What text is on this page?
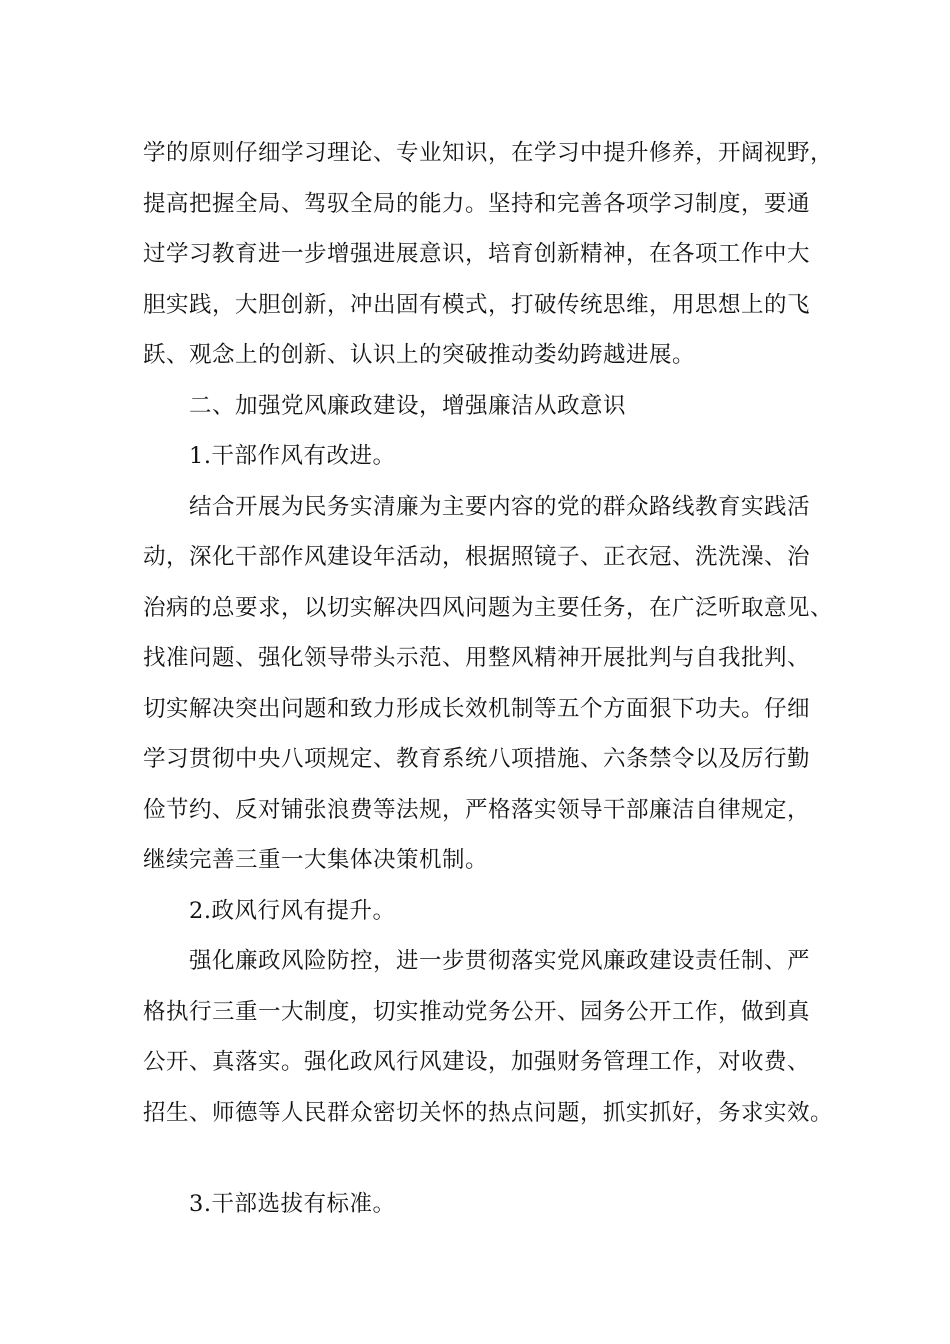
学的原则仔细学习理论、专业知识，在学习中提升修养，开阔视野，
提高把握全局、驾驭全局的能力。坚持和完善各项学习制度，要通
过学习教育进一步增强进展意识，培育创新精神，在各项工作中大
胆实践，大胆创新，冲出固有模式，打破传统思维，用思想上的飞
跃、观念上的创新、认识上的突破推动娄幼跨越进展。
二、加强党风廉政建设，增强廉洁从政意识
1.干部作风有改进。
结合开展为民务实清廉为主要内容的党的群众路线教育实践活
动，深化干部作风建设年活动，根据照镜子、正衣冠、洗洗澡、治
治病的总要求，以切实解决四风问题为主要任务，在广泛听取意见、
找准问题、强化领导带头示范、用整风精神开展批判与自我批判、
切实解决突出问题和致力形成长效机制等五个方面狠下功夫。仔细
学习贯彻中央八项规定、教育系统八项措施、六条禁令以及厉行勤
俭节约、反对铺张浪费等法规，严格落实领导干部廉洁自律规定，
继续完善三重一大集体决策机制。
2.政风行风有提升。
强化廉政风险防控，进一步贯彻落实党风廉政建设责任制、严
格执行三重一大制度，切实推动党务公开、园务公开工作，做到真
公开、真落实。强化政风行风建设，加强财务管理工作，对收费、
招生、师德等人民群众密切关怀的热点问题，抓实抓好，务求实效。
3.干部选拔有标准。
